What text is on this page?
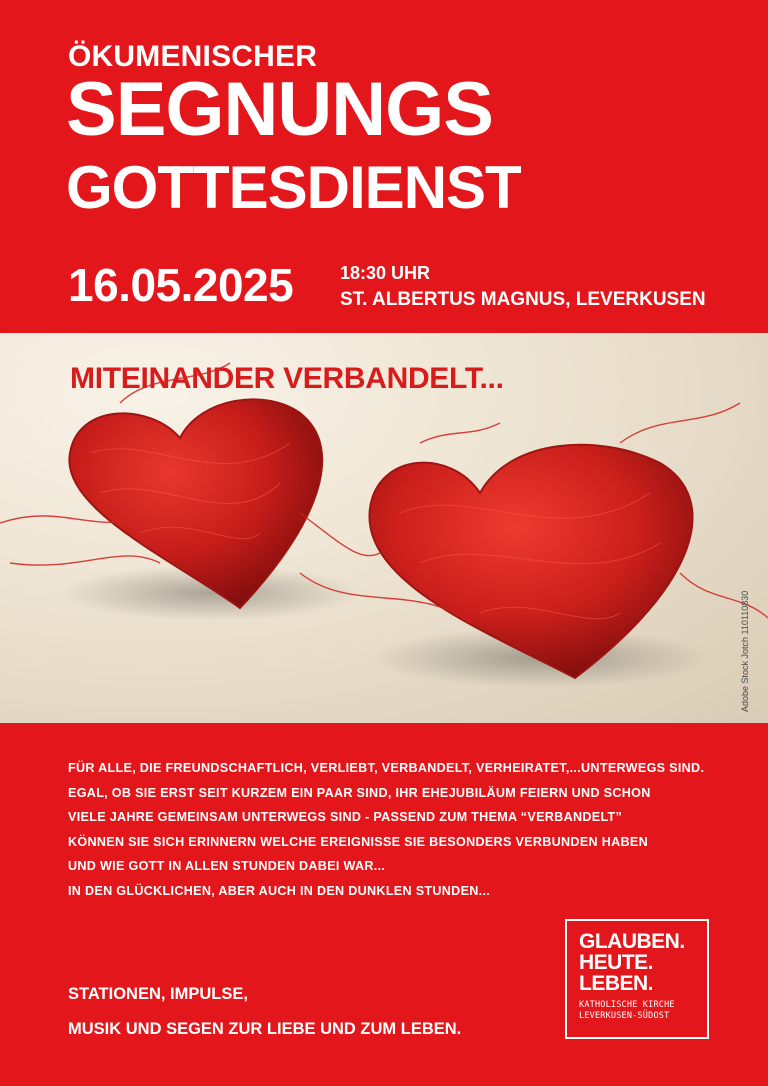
ÖKUMENISCHER
SEGNUNGS
GOTTESDIENST
16.05.2025	18:30 UHR
ST. ALBERTUS MAGNUS, LEVERKUSEN
MITEINANDER VERBANDELT...
Adobe Stock Jotch 110110830
FÜR ALLE, DIE FREUNDSCHAFTLICH, VERLIEBT, VERBANDELT, VERHEIRATET,...UNTERWEGS SIND.
EGAL, OB SIE ERST SEIT KURZEM EIN PAAR SIND, IHR EHEJUBILÄUM FEIERN UND SCHON
VIELE JAHRE GEMEINSAM UNTERWEGS SIND - PASSEND ZUM THEMA “VERBANDELT”
KÖNNEN SIE SICH ERINNERN WELCHE EREIGNISSE SIE BESONDERS VERBUNDEN HABEN
UND WIE GOTT IN ALLEN STUNDEN DABEI WAR...
IN DEN GLÜCKLICHEN, ABER AUCH IN DEN DUNKLEN STUNDEN...
STATIONEN, IMPULSE,
MUSIK UND SEGEN ZUR LIEBE UND ZUM LEBEN.
GLAUBEN.
HEUTE.
LEBEN.
KATHOLISCHE KIRCHE
LEVERKUSEN-SÜDOST
